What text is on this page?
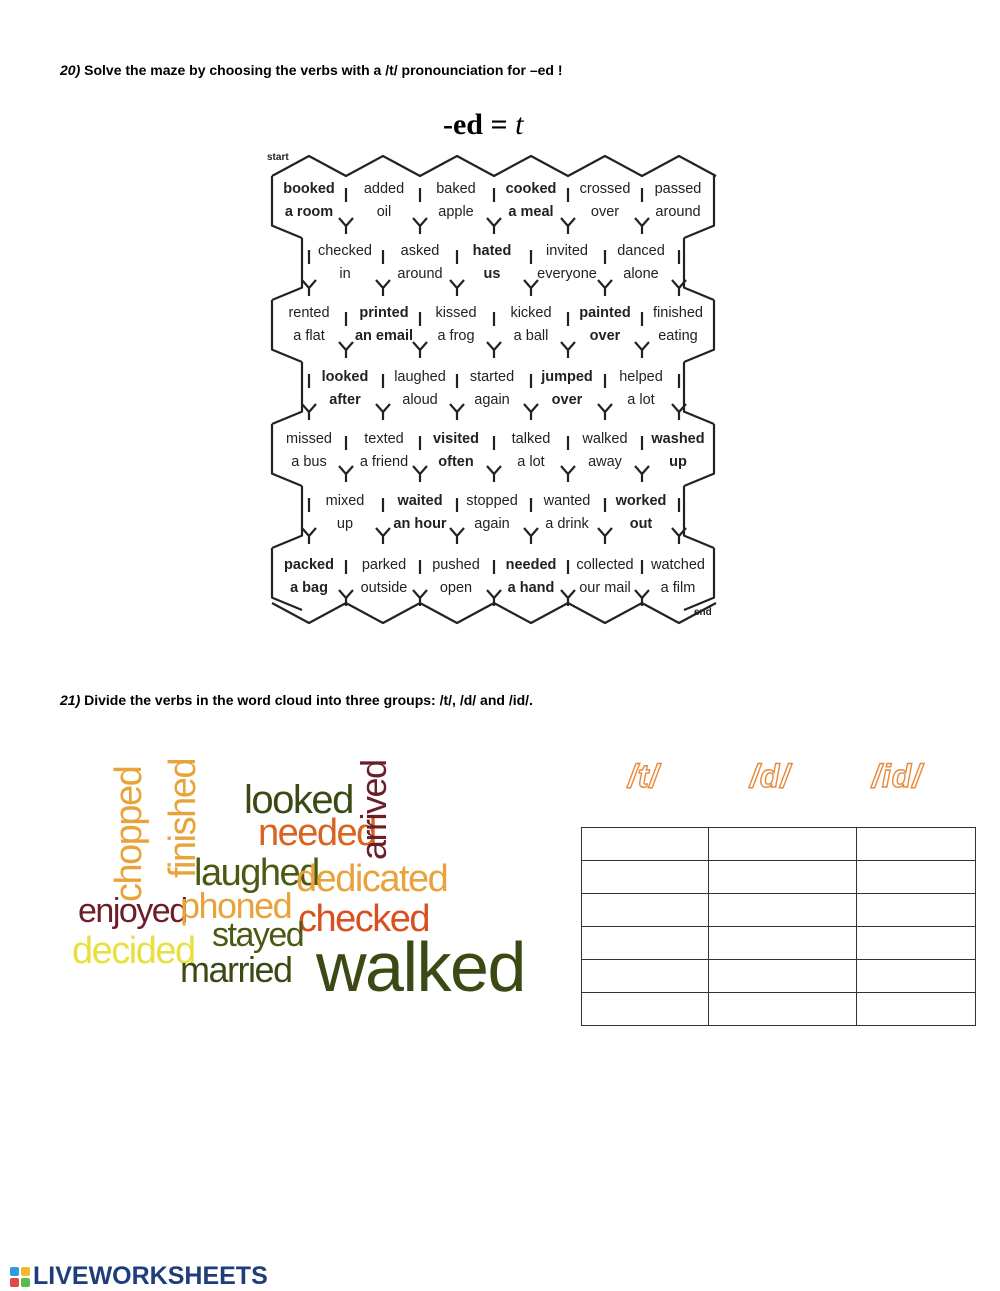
20) Solve the maze by choosing the verbs with a /t/ pronounciation for –ed !
-ed = t
start
end
booked
a room
added
oil
baked
apple
cooked
a meal
crossed
over
passed
around
checked
in
asked
around
hated
us
invited
everyone
danced
alone
rented
a flat
printed
an email
kissed
a frog
kicked
a ball
painted
over
finished
eating
looked
after
laughed
aloud
started
again
jumped
over
helped
a lot
missed
a bus
texted
a friend
visited
often
talked
a lot
walked
away
washed
up
mixed
up
waited
an hour
stopped
again
wanted
a drink
worked
out
packed
a bag
parked
outside
pushed
open
needed
a hand
collected
our mail
watched
a film
21) Divide the verbs in the word cloud into three groups: /t/, /d/ and /id/.
chopped finished looked
needed
arrived
laughed
dedicated
enjoyed
phoned checked
decided stayed
married walked
/t/	/d/	/id/

LIVEWORKSHEETS
